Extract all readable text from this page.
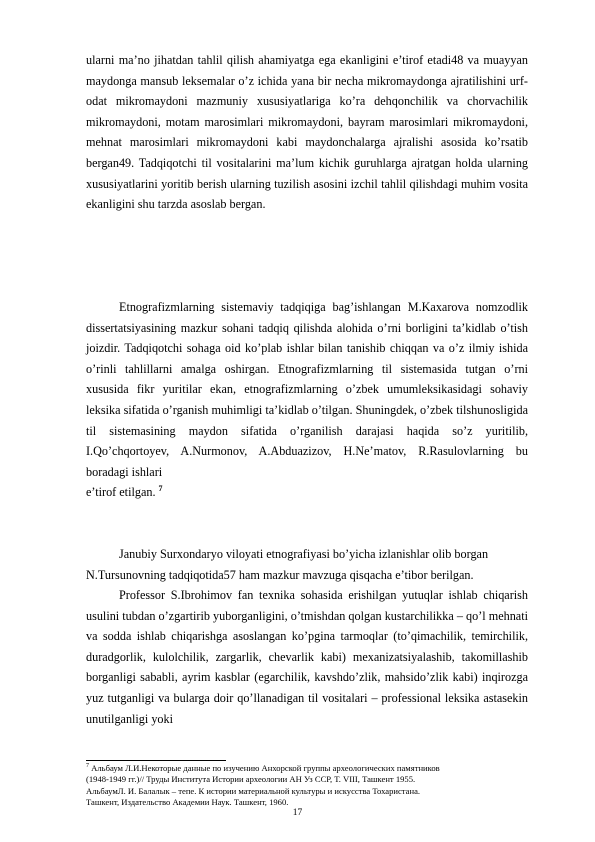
ularni ma’no jihatdan tahlil qilish ahamiyatga ega ekanligini e’tirof etadi48 va muayyan maydonga mansub leksemalar o’z ichida yana bir necha mikromaydonga ajratilishini urf-odat mikromaydoni mazmuniy xususiyatlariga ko’ra dehqonchilik va chorvachilik mikromaydoni, motam marosimlari mikromaydoni, bayram marosimlari mikromaydoni, mehnat marosimlari mikromaydoni kabi maydonchalarga ajralishi asosida ko’rsatib bergan49. Tadqiqotchi til vositalarini ma’lum kichik guruhlarga ajratgan holda ularning xususiyatlarini yoritib berish ularning tuzilish asosini izchil tahlil qilishdagi muhim vosita ekanligini shu tarzda asoslab bergan.

Etnografizmlarning sistemaviy tadqiqiga bag’ishlangan M.Kaxarova nomzodlik dissertatsiyasining mazkur sohani tadqiq qilishda alohida o’rni borligini ta’kidlab o’tish joizdir. Tadqiqotchi sohaga oid ko’plab ishlar bilan tanishib chiqqan va o’z ilmiy ishida o’rinli tahlillarni amalga oshirgan. Etnografizmlarning til sistemasida tutgan o’rni xususida fikr yuritilar ekan, etnografizmlarning o’zbek umumleksikasidagi sohaviy leksika sifatida o’rganish muhimligi ta’kidlab o’tilgan. Shuningdek, o’zbek tilshunosligida til sistemasining maydon sifatida o’rganilish darajasi haqida so’z yuritilib, I.Qo’chqortoyev, A.Nurmonov, A.Abduazizov, H.Ne’matov, R.Rasulovlarning bu boradagi ishlari

e’tirof etilgan. $^7$

Janubiy Surxondaryo viloyati etnografiyasi bo’yicha izlanishlar olib borgan
N.Tursunovning tadqiqotida57 ham mazkur mavzuga qisqacha e’tibor berilgan.

Professor S.Ibrohimov fan texnika sohasida erishilgan yutuqlar ishlab chiqarish usulini tubdan o’zgartirib yuborganligini, o’tmishdan qolgan kustarchilikka – qo’l mehnati va sodda ishlab chiqarishga asoslangan ko’pgina tarmoqlar (to’qimachilik, temirchilik, duradgorlik, kulolchilik, zargarlik, chevarlik kabi) mexanizatsiyalashib, takomillashib borganligi sababli, ayrim kasblar (egarchilik, kavshdo’zlik, mahsido’zlik kabi) inqirozga yuz tutganligi va bularga doir qo’llanadigan til vositalari – professional leksika astasekin unutilganligi yoki

$^7$ Альбаум Л.И.Некоторые данные по изучению Анхорской группы археологических памятников
(1948-1949 гг.)// Труды Института Истории археологии АН Уз ССР, Т. VIII, Ташкент 1955.
АльбаумЛ. И. Балалык – тепе. К истории материальной культуры и искусства Тохаристана.
Ташкент, Издательство Академии Наук. Ташкент, 1960.
17
